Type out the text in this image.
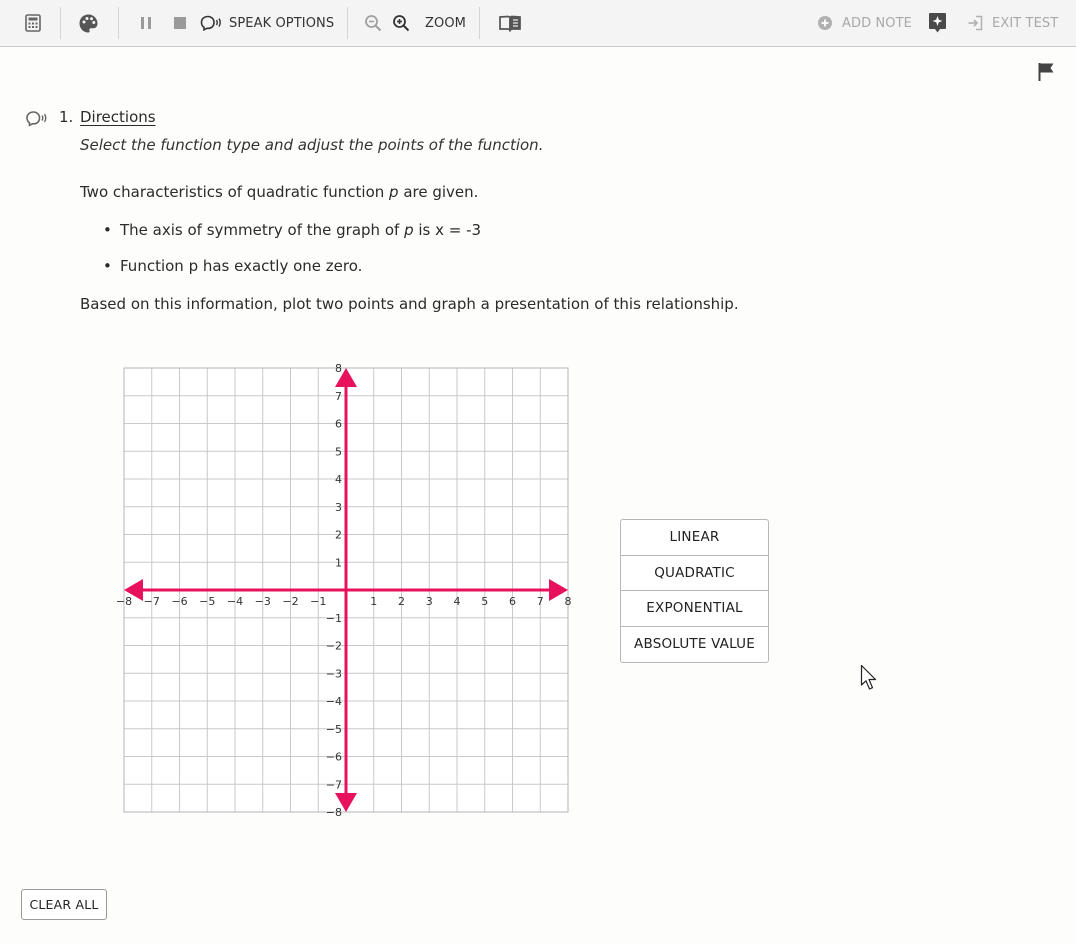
SPEAK OPTIONS	ZOOM	ADD NOTE	EXIT TEST
1. Directions
Select the function type and adjust the points of the function.
Two characteristics of quadratic function p are given.
• The axis of symmetry of the graph of p is x = -3
• Function p has exactly one zero.
Based on this information, plot two points and graph a presentation of this relationship.
−8 −7 −6 −5 −4 −3 −2 −1	1 2 3 4 5 6 7 8
8
7
6
5
4
3
2
1
−1
−2
−3
−4
−5
−6
−7
−8
LINEAR
QUADRATIC
EXPONENTIAL
ABSOLUTE VALUE
CLEAR ALL
